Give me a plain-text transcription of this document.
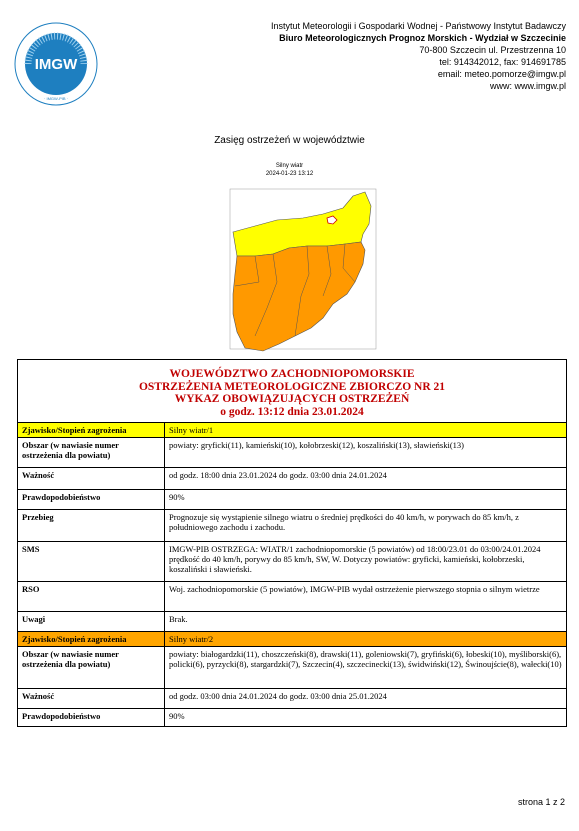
IMGW
· IMGW-PIB ·
Instytut Meteorologii i Gospodarki Wodnej - Państwowy Instytut Badawczy
Biuro Meteorologicznych Prognoz Morskich - Wydział w Szczecinie
70-800 Szczecin ul. Przestrzenna 10
tel: 914342012, fax: 914691785
email: meteo.pomorze@imgw.pl
www: www.imgw.pl
Zasięg ostrzeżeń w województwie
Silny wiatr
2024-01-23 13:12
WOJEWÓDZTWO ZACHODNIOPOMORSKIE
OSTRZEŻENIA METEOROLOGICZNE ZBIORCZO NR 21
WYKAZ OBOWIĄZUJĄCYCH OSTRZEŻEŃ
o godz. 13:12 dnia 23.01.2024	

Zjawisko/Stopień zagrożenia	Silny wiatr/1
Obszar (w nawiasie numer ostrzeżenia dla powiatu)	powiaty: gryficki(11), kamieński(10), kołobrzeski(12), koszaliński(13), sławieński(13)
Ważność	od godz. 18:00 dnia 23.01.2024 do godz. 03:00 dnia 24.01.2024
Prawdopodobieństwo	90%
Przebieg	Prognozuje się wystąpienie silnego wiatru o średniej prędkości do 40 km/h, w porywach do 85 km/h, z południowego zachodu i zachodu.
SMS	IMGW-PIB OSTRZEGA: WIATR/1 zachodniopomorskie (5 powiatów) od 18:00/23.01 do 03:00/24.01.2024 prędkość do 40 km/h, porywy do 85 km/h, SW, W. Dotyczy powiatów: gryficki, kamieński, kołobrzeski, koszaliński i sławieński.
RSO	Woj. zachodniopomorskie (5 powiatów), IMGW-PIB wydał ostrzeżenie pierwszego stopnia o silnym wietrze
Uwagi	Brak.
Zjawisko/Stopień zagrożenia	Silny wiatr/2
Obszar (w nawiasie numer ostrzeżenia dla powiatu)	powiaty: białogardzki(11), choszczeński(8), drawski(11), goleniowski(7), gryfiński(6), łobeski(10), myśliborski(6), policki(6), pyrzycki(8), stargardzki(7), Szczecin(4), szczecinecki(13), świdwiński(12), Świnoujście(8), wałecki(10)
Ważność	od godz. 03:00 dnia 24.01.2024 do godz. 03:00 dnia 25.01.2024
Prawdopodobieństwo	90%
strona 1 z 2
